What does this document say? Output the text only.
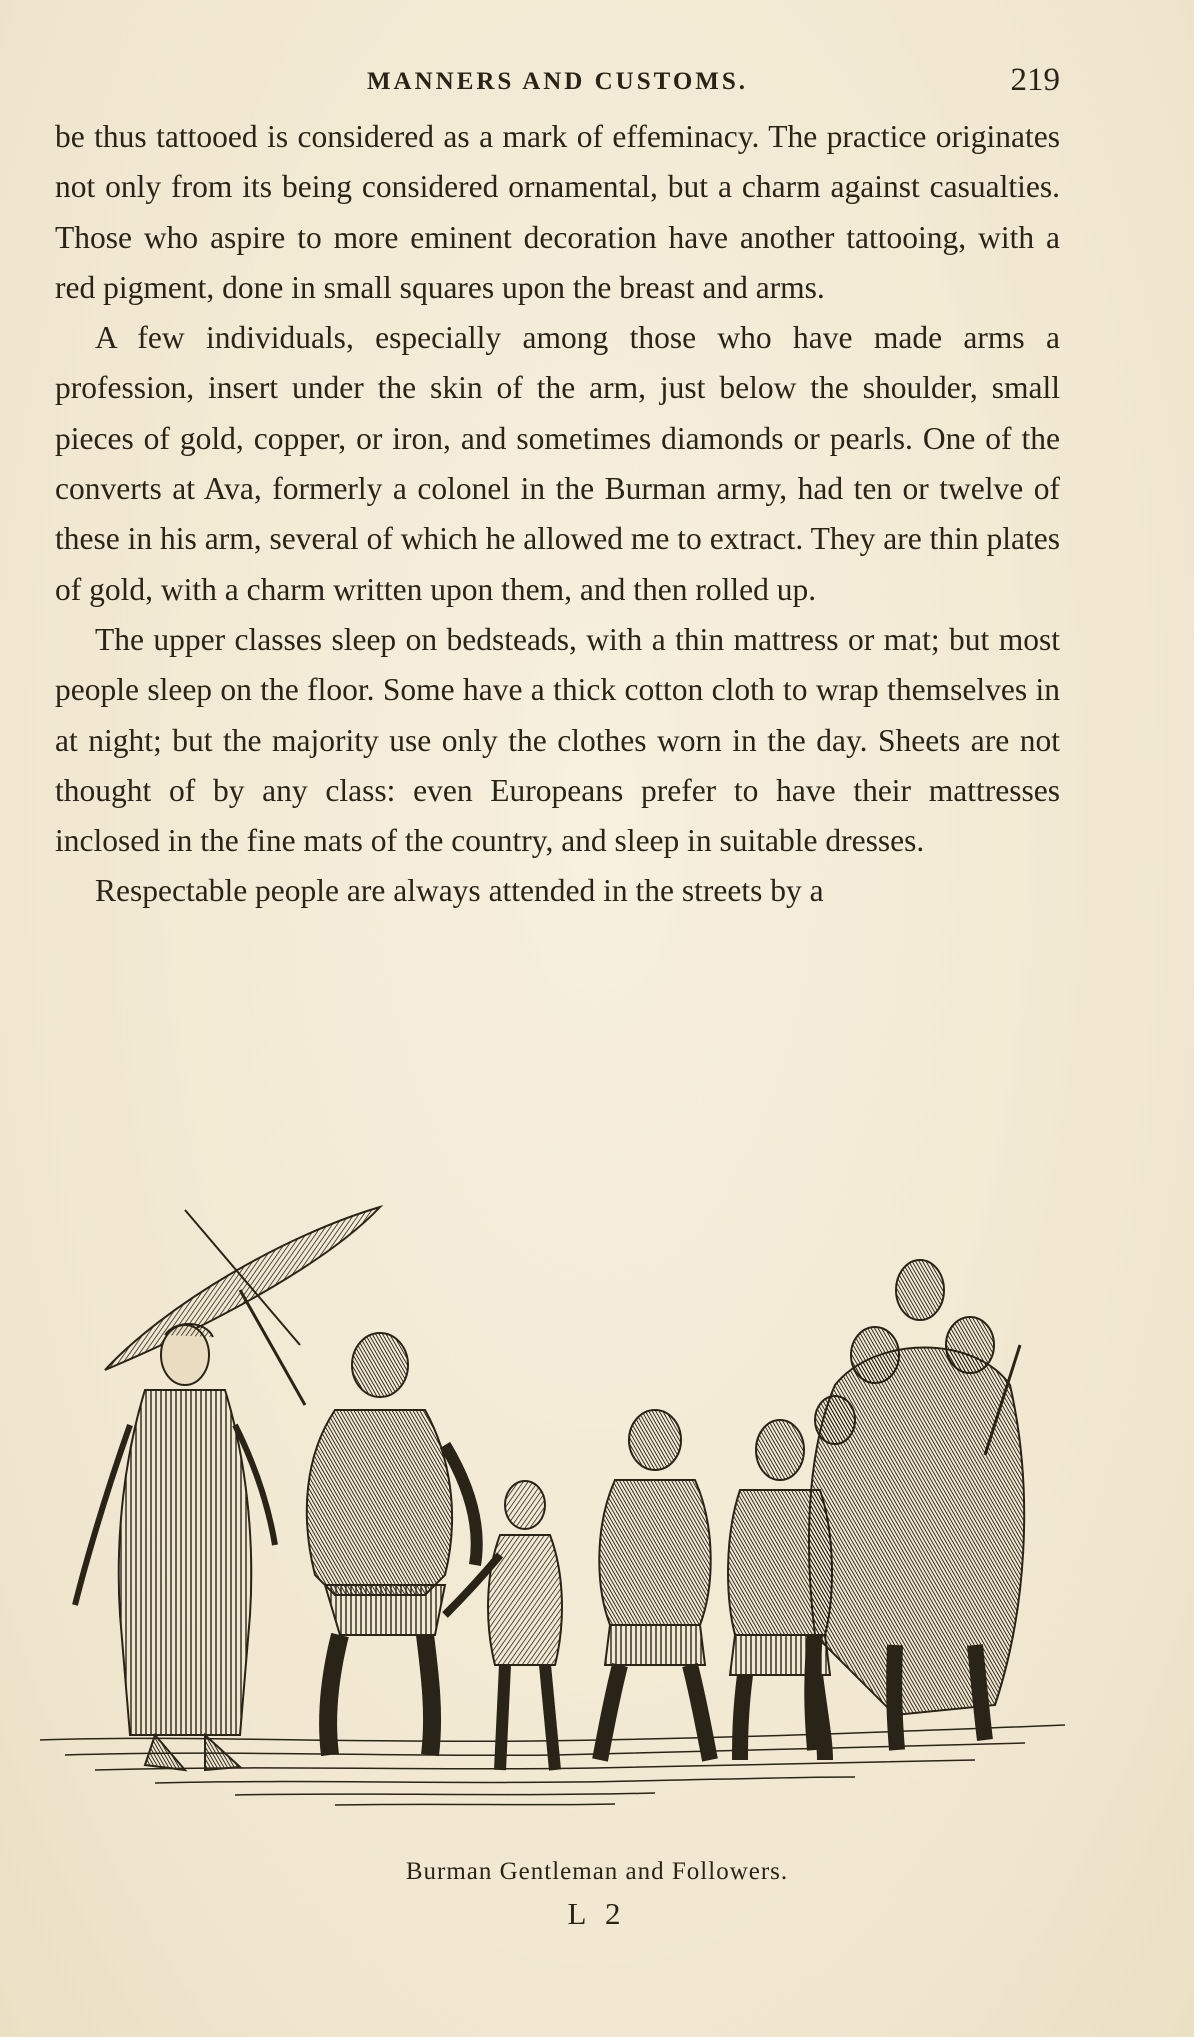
MANNERS AND CUSTOMS.	219

be thus tattooed is considered as a mark of effeminacy. The practice originates not only from its being considered ornamental, but a charm against casualties. Those who aspire to more eminent decoration have another tattooing, with a red pigment, done in small squares upon the breast and arms.

A few individuals, especially among those who have made arms a profession, insert under the skin of the arm, just below the shoulder, small pieces of gold, copper, or iron, and sometimes diamonds or pearls. One of the converts at Ava, formerly a colonel in the Burman army, had ten or twelve of these in his arm, several of which he allowed me to extract. They are thin plates of gold, with a charm written upon them, and then rolled up.

The upper classes sleep on bedsteads, with a thin mattress or mat; but most people sleep on the floor. Some have a thick cotton cloth to wrap themselves in at night; but the majority use only the clothes worn in the day. Sheets are not thought of by any class: even Europeans prefer to have their mattresses inclosed in the fine mats of the country, and sleep in suitable dresses.

Respectable people are always attended in the streets by a

Burman Gentleman and Followers.
L 2
